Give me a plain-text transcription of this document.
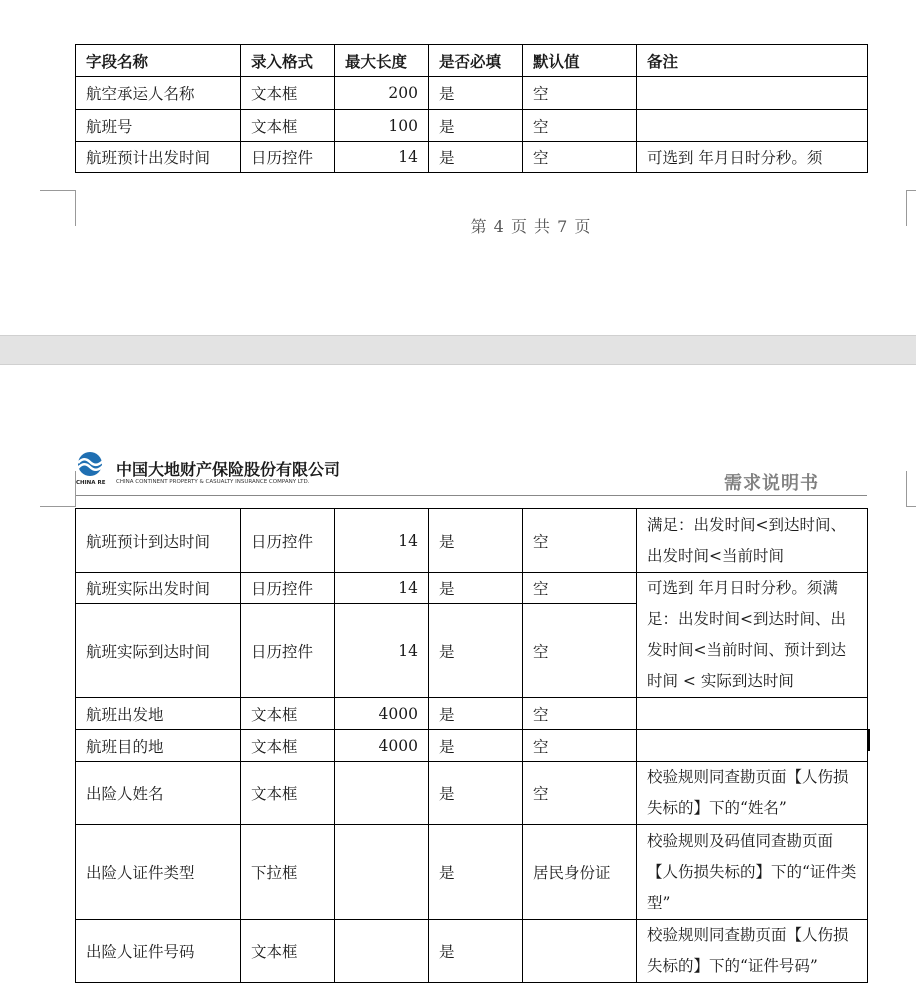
字段名称	录入格式	最大长度	是否必填	默认值	备注
航空承运人名称	文本框	200	是	空	
航班号	文本框	100	是	空	
航班预计出发时间	日历控件	14	是	空	可选到 年月日时分秒。须
第 4 页 共 7 页
CHINA RE
中国大地财产保险股份有限公司
CHINA CONTINENT PROPERTY & CASUALTY INSURANCE COMPANY LTD.	需求说明书
航班预计到达时间	日历控件	14	是	空	满足：出发时间<到达时间、出发时间<当前时间
航班实际出发时间	日历控件	14	是	空	可选到 年月日时分秒。须满足：出发时间<到达时间、出发时间<当前时间、预计到达时间 < 实际到达时间
航班实际到达时间	日历控件	14	是	空	
航班出发地	文本框	4000	是	空	
航班目的地	文本框	4000	是	空	
出险人姓名	文本框		是	空	校验规则同查勘页面【人伤损失标的】下的“姓名”
出险人证件类型	下拉框		是	居民身份证	校验规则及码值同查勘页面【人伤损失标的】下的“证件类型”
出险人证件号码	文本框		是		校验规则同查勘页面【人伤损失标的】下的“证件号码”
